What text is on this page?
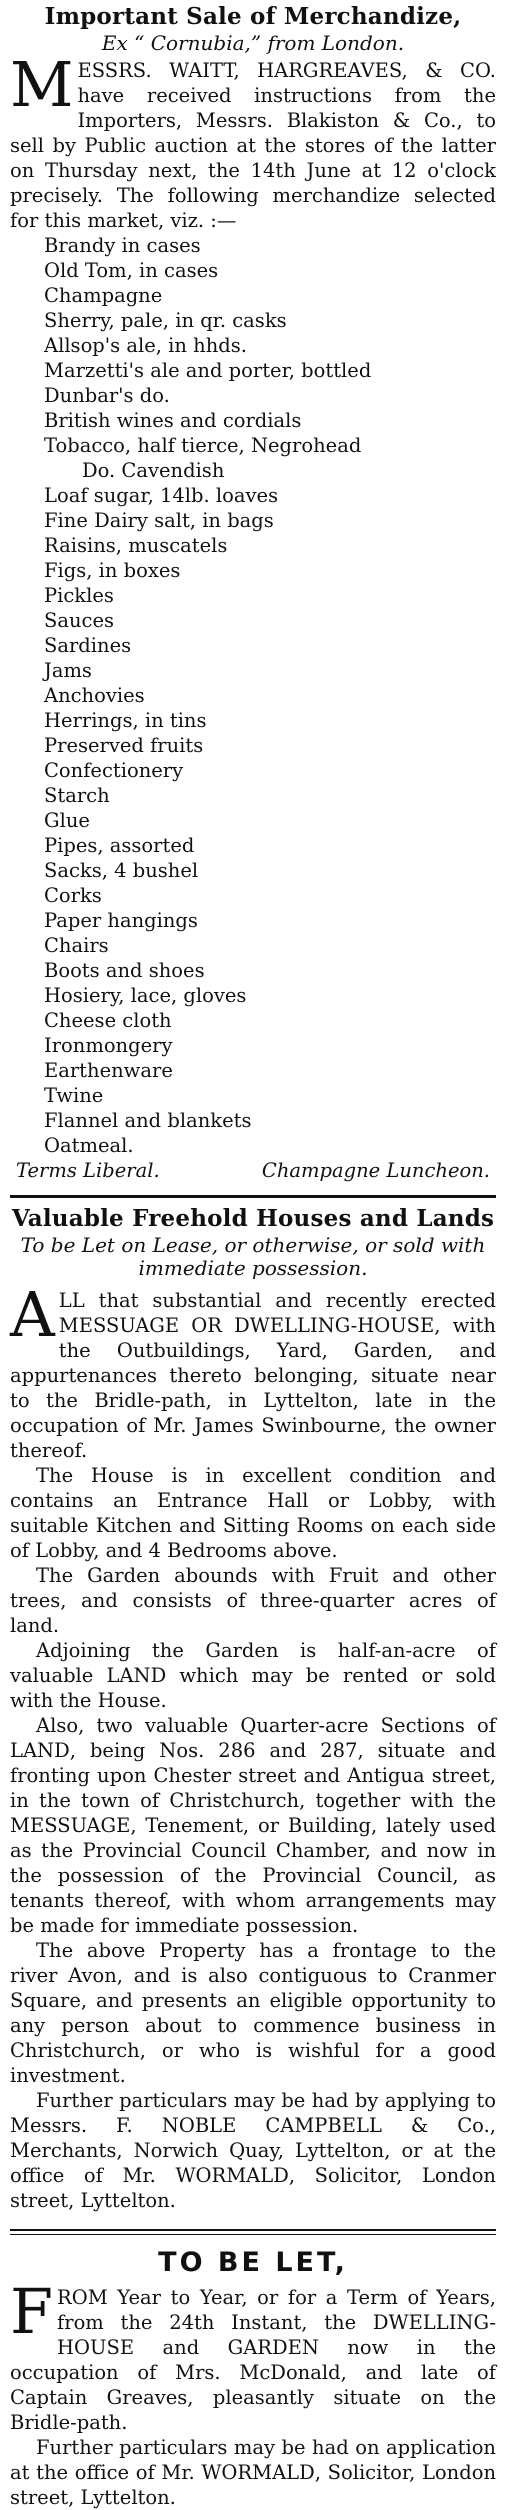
Important Sale of Merchandize,
Ex “ Cornubia,” from London.

MESSRS. WAITT, HARGREAVES, & CO. have received instructions from the Importers, Messrs. Blakiston & Co., to sell by Public auction at the stores of the latter on Thursday next, the 14th June at 12 o'clock precisely. The following merchandize selected for this market, viz. :—

Brandy in cases
Old Tom, in cases
Champagne
Sherry, pale, in qr. casks
Allsop's ale, in hhds.
Marzetti's ale and porter, bottled
Dunbar's do.
British wines and cordials
Tobacco, half tierce, Negrohead
Do. Cavendish
Loaf sugar, 14lb. loaves
Fine Dairy salt, in bags
Raisins, muscatels
Figs, in boxes
Pickles
Sauces
Sardines
Jams
Anchovies
Herrings, in tins
Preserved fruits
Confectionery
Starch
Glue
Pipes, assorted
Sacks, 4 bushel
Corks
Paper hangings
Chairs
Boots and shoes
Hosiery, lace, gloves
Cheese cloth
Ironmongery
Earthenware
Twine
Flannel and blankets
Oatmeal.
Terms Liberal.	Champagne Luncheon.
Valuable Freehold Houses and Lands
To be Let on Lease, or otherwise, or sold with immediate possession.

ALL that substantial and recently erected MESSUAGE OR DWELLING-HOUSE, with the Outbuildings, Yard, Garden, and appurtenances thereto belonging, situate near to the Bridle-path, in Lyttelton, late in the occupation of Mr. James Swinbourne, the owner thereof.

The House is in excellent condition and contains an Entrance Hall or Lobby, with suitable Kitchen and Sitting Rooms on each side of Lobby, and 4 Bedrooms above.

The Garden abounds with Fruit and other trees, and consists of three-quarter acres of land.

Adjoining the Garden is half-an-acre of valuable LAND which may be rented or sold with the House.

Also, two valuable Quarter-acre Sections of LAND, being Nos. 286 and 287, situate and fronting upon Chester street and Antigua street, in the town of Christchurch, together with the MESSUAGE, Tenement, or Building, lately used as the Provincial Council Chamber, and now in the possession of the Provincial Council, as tenants thereof, with whom arrangements may be made for immediate possession.

The above Property has a frontage to the river Avon, and is also contiguous to Cranmer Square, and presents an eligible opportunity to any person about to commence business in Christchurch, or who is wishful for a good investment.

Further particulars may be had by applying to Messrs. F. NOBLE CAMPBELL & Co., Merchants, Norwich Quay, Lyttelton, or at the office of Mr. WORMALD, Solicitor, London street, Lyttelton.

TO BE LET,

FROM Year to Year, or for a Term of Years, from the 24th Instant, the DWELLING-HOUSE and GARDEN now in the occupation of Mrs. McDonald, and late of Captain Greaves, pleasantly situate on the Bridle-path.

Further particulars may be had on application at the office of Mr. WORMALD, Solicitor, London street, Lyttelton.
